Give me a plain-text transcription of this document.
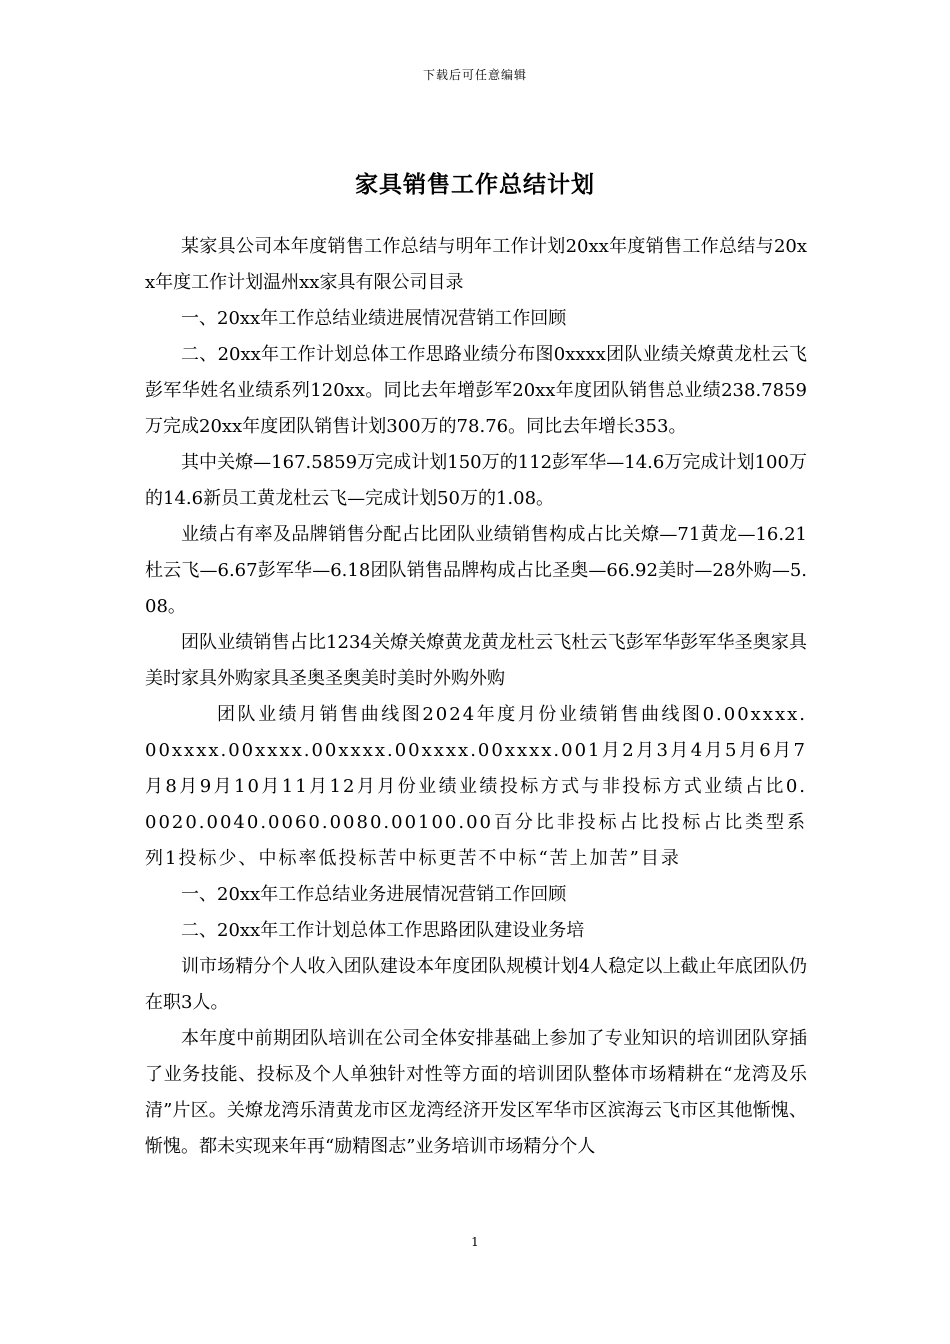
下载后可任意编辑
家具销售工作总结计划

某家具公司本年度销售工作总结与明年工作计划20xx年度销售工作总结与20xx年度工作计划温州xx家具有限公司目录

一、20xx年工作总结业绩进展情况营销工作回顾

二、20xx年工作计划总体工作思路业绩分布图0xxxx团队业绩关燎黄龙杜云飞彭军华姓名业绩系列120xx。同比去年增彭军20xx年度团队销售总业绩238.7859万完成20xx年度团队销售计划300万的78.76。同比去年增长353。

其中关燎—167.5859万完成计划150万的112彭军华—14.6万完成计划100万的14.6新员工黄龙杜云飞—完成计划50万的1.08。

业绩占有率及品牌销售分配占比团队业绩销售构成占比关燎—71黄龙—16.21杜云飞—6.67彭军华—6.18团队销售品牌构成占比圣奥—66.92美时—28外购—5.08。

团队业绩销售占比1234关燎关燎黄龙黄龙杜云飞杜云飞彭军华彭军华圣奥家具美时家具外购家具圣奥圣奥美时美时外购外购

团队业绩月销售曲线图2024年度月份业绩销售曲线图0.00xxxx.00xxxx.00xxxx.00xxxx.00xxxx.00xxxx.001月2月3月4月5月6月7月8月9月10月11月12月月份业绩业绩投标方式与非投标方式业绩占比0.0020.0040.0060.0080.00100.00百分比非投标占比投标占比类型系列1投标少、中标率低投标苦中标更苦不中标“苦上加苦”目录

一、20xx年工作总结业务进展情况营销工作回顾

二、20xx年工作计划总体工作思路团队建设业务培

训市场精分个人收入团队建设本年度团队规模计划4人稳定以上截止年底团队仍在职3人。

本年度中前期团队培训在公司全体安排基础上参加了专业知识的培训团队穿插了业务技能、投标及个人单独针对性等方面的培训团队整体市场精耕在“龙湾及乐清”片区。关燎龙湾乐清黄龙市区龙湾经济开发区军华市区滨海云飞市区其他惭愧、惭愧。都未实现来年再“励精图志”业务培训市场精分个人

1
